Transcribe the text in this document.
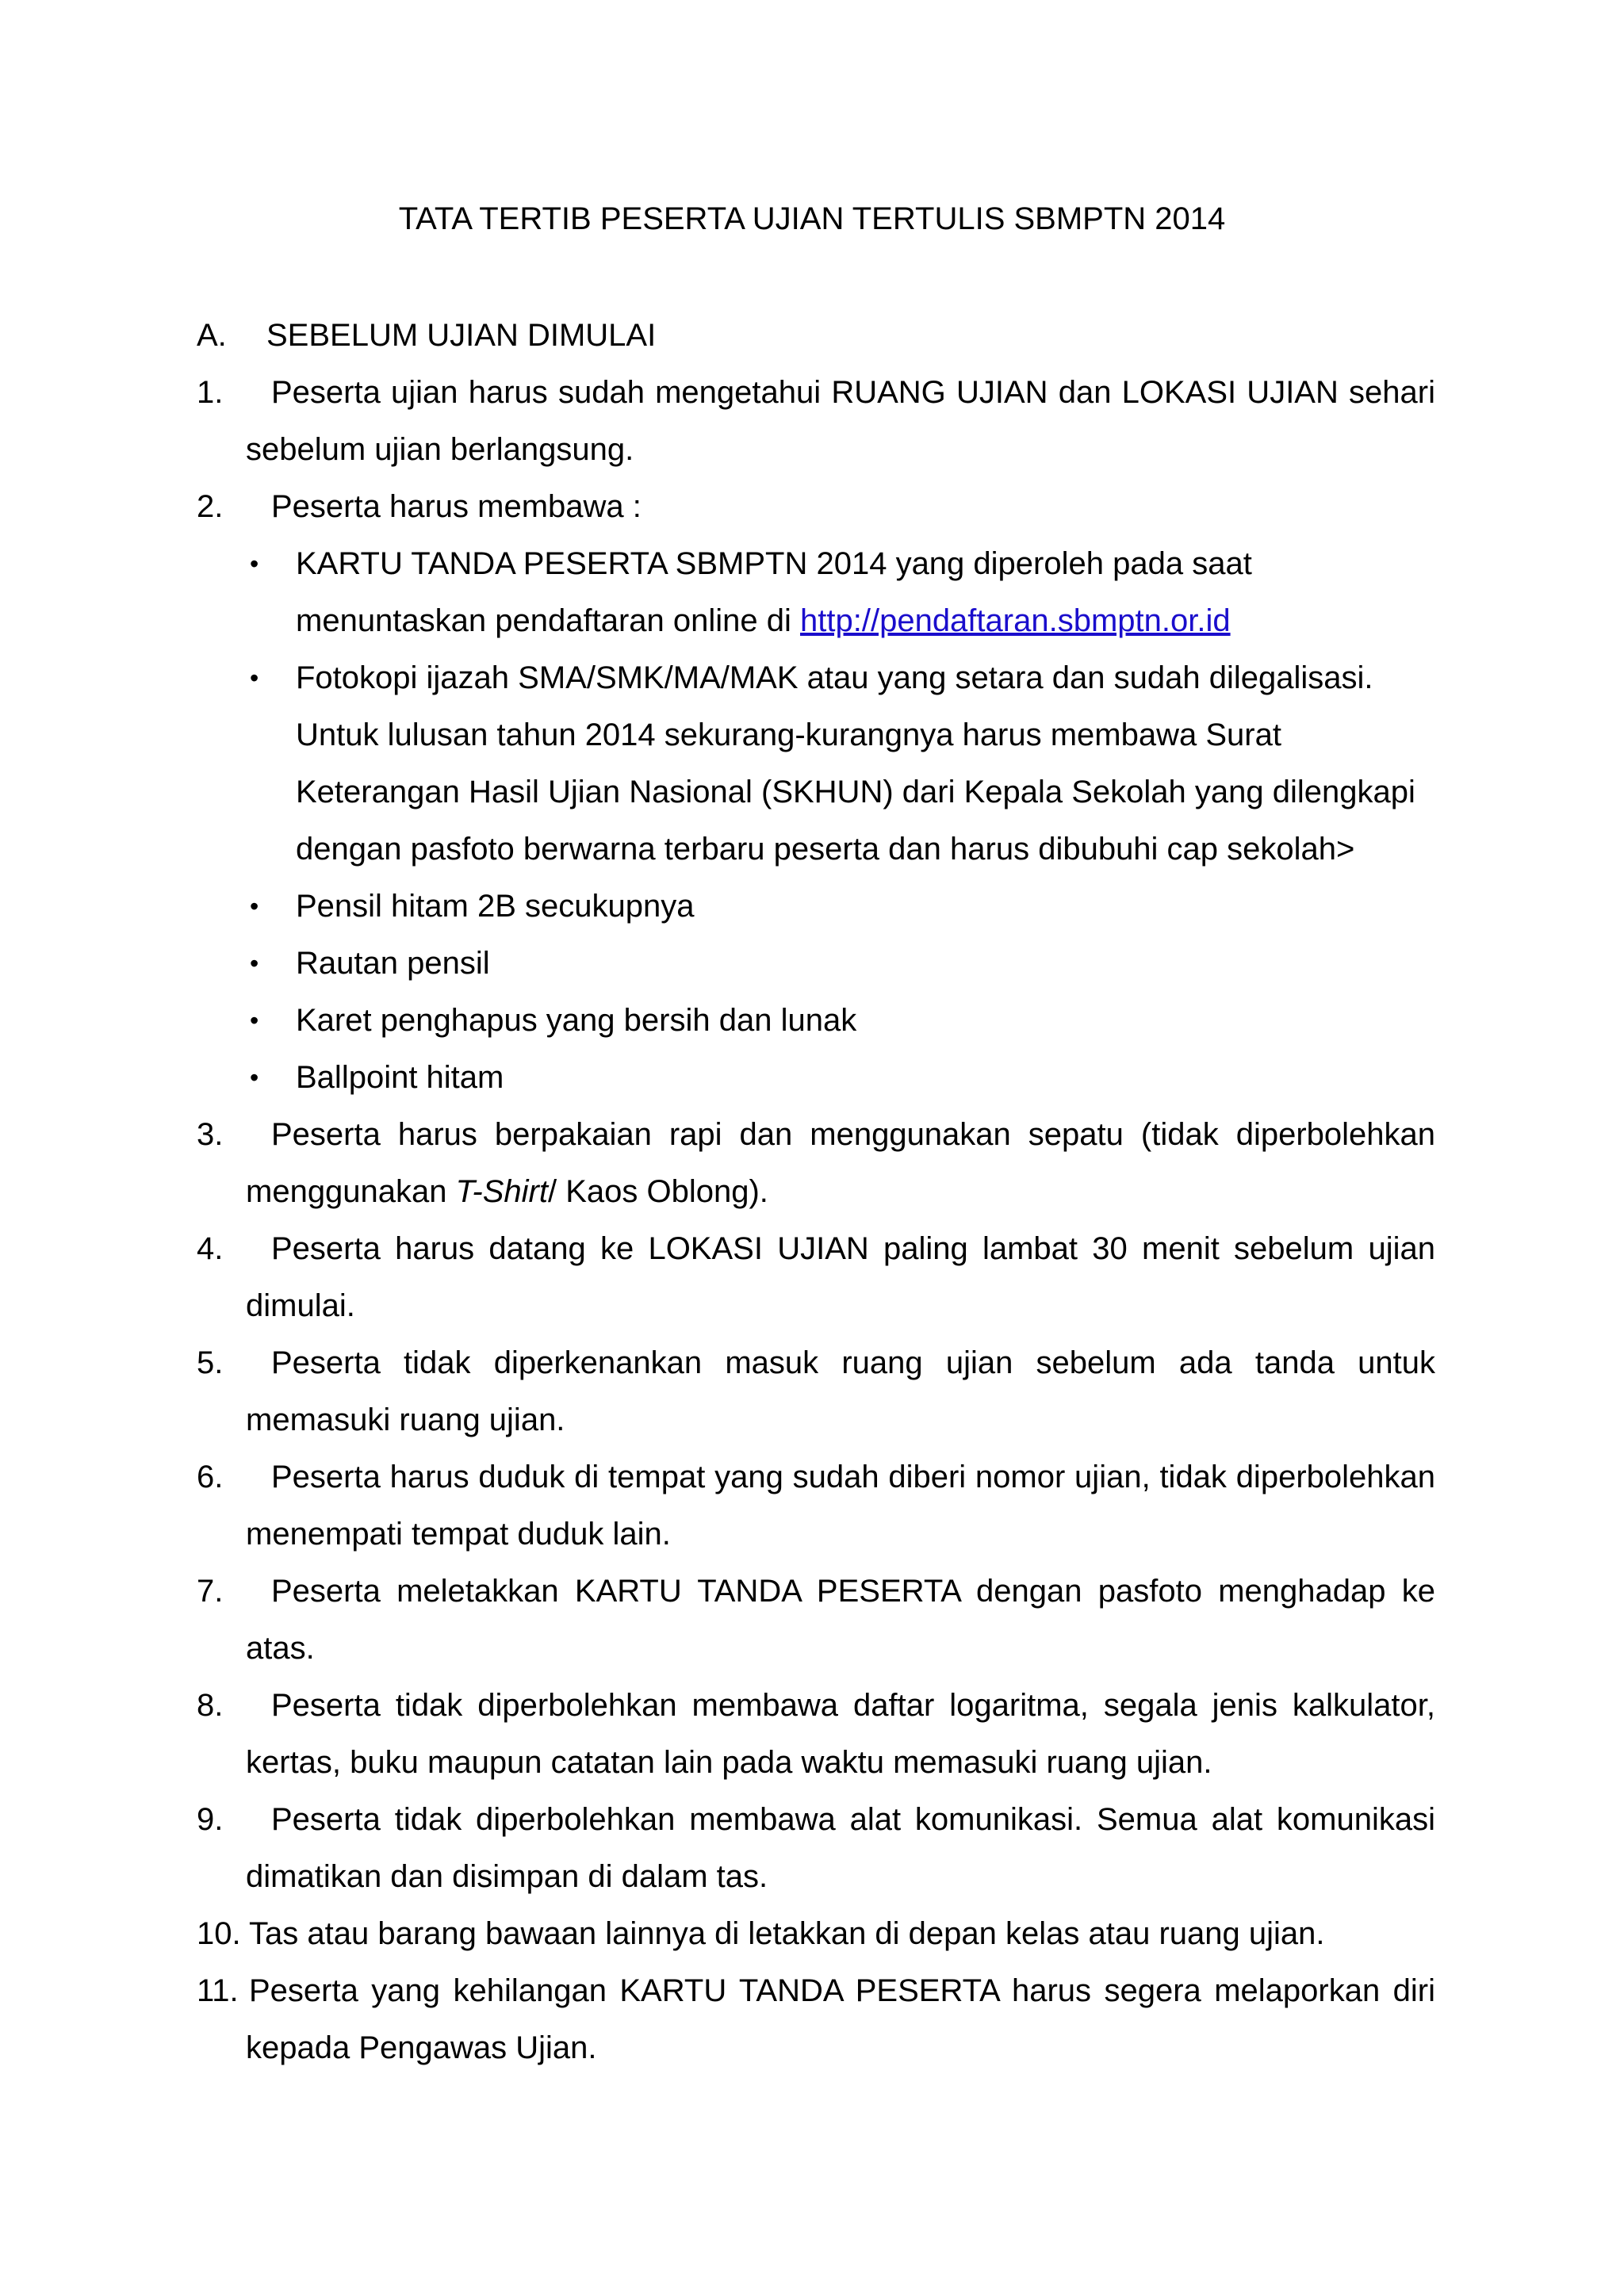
TATA TERTIB PESERTA UJIAN TERTULIS SBMPTN 2014
A. SEBELUM UJIAN DIMULAI
1. Peserta ujian harus sudah mengetahui RUANG UJIAN dan LOKASI UJIAN sehari sebelum ujian berlangsung.
2. Peserta harus membawa :
• KARTU TANDA PESERTA SBMPTN 2014 yang diperoleh pada saat menuntaskan pendaftaran online di http://pendaftaran.sbmptn.or.id
• Fotokopi ijazah SMA/SMK/MA/MAK atau yang setara dan sudah dilegalisasi. Untuk lulusan tahun 2014 sekurang-kurangnya harus membawa Surat Keterangan Hasil Ujian Nasional (SKHUN) dari Kepala Sekolah yang dilengkapi dengan pasfoto berwarna terbaru peserta dan harus dibubuhi cap sekolah>
• Pensil hitam 2B secukupnya
• Rautan pensil
• Karet penghapus yang bersih dan lunak
• Ballpoint hitam
3. Peserta harus berpakaian rapi dan menggunakan sepatu (tidak diperbolehkan menggunakan T-Shirt/ Kaos Oblong).
4. Peserta harus datang ke LOKASI UJIAN paling lambat 30 menit sebelum ujian dimulai.
5. Peserta tidak diperkenankan masuk ruang ujian sebelum ada tanda untuk memasuki ruang ujian.
6. Peserta harus duduk di tempat yang sudah diberi nomor ujian, tidak diperbolehkan menempati tempat duduk lain.
7. Peserta meletakkan KARTU TANDA PESERTA dengan pasfoto menghadap ke atas.
8. Peserta tidak diperbolehkan membawa daftar logaritma, segala jenis kalkulator, kertas, buku maupun catatan lain pada waktu memasuki ruang ujian.
9. Peserta tidak diperbolehkan membawa alat komunikasi. Semua alat komunikasi dimatikan dan disimpan di dalam tas.
10. Tas atau barang bawaan lainnya di letakkan di depan kelas atau ruang ujian.
11. Peserta yang kehilangan KARTU TANDA PESERTA harus segera melaporkan diri kepada Pengawas Ujian.
